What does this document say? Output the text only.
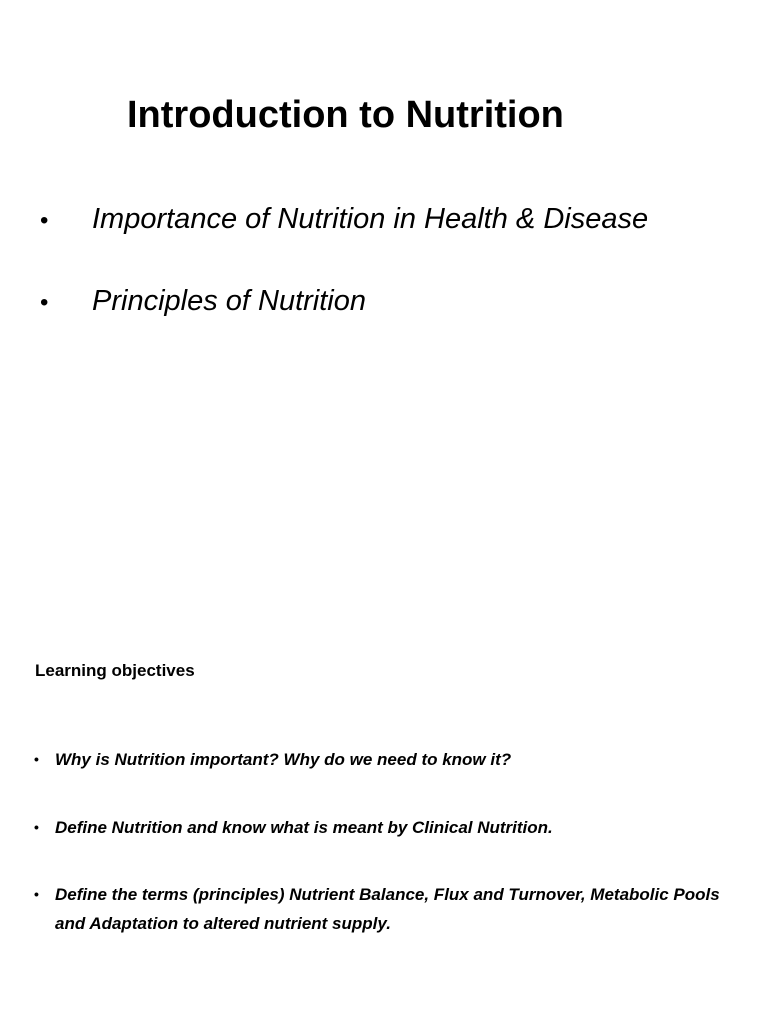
Introduction to Nutrition
•	Importance of Nutrition in Health & Disease
•	Principles of Nutrition
Learning objectives
• Why is Nutrition important? Why do we need to know it?
• Define Nutrition and know what is meant by Clinical Nutrition.
• Define the terms (principles) Nutrient Balance, Flux and Turnover, Metabolic Pools and Adaptation to altered nutrient supply.
